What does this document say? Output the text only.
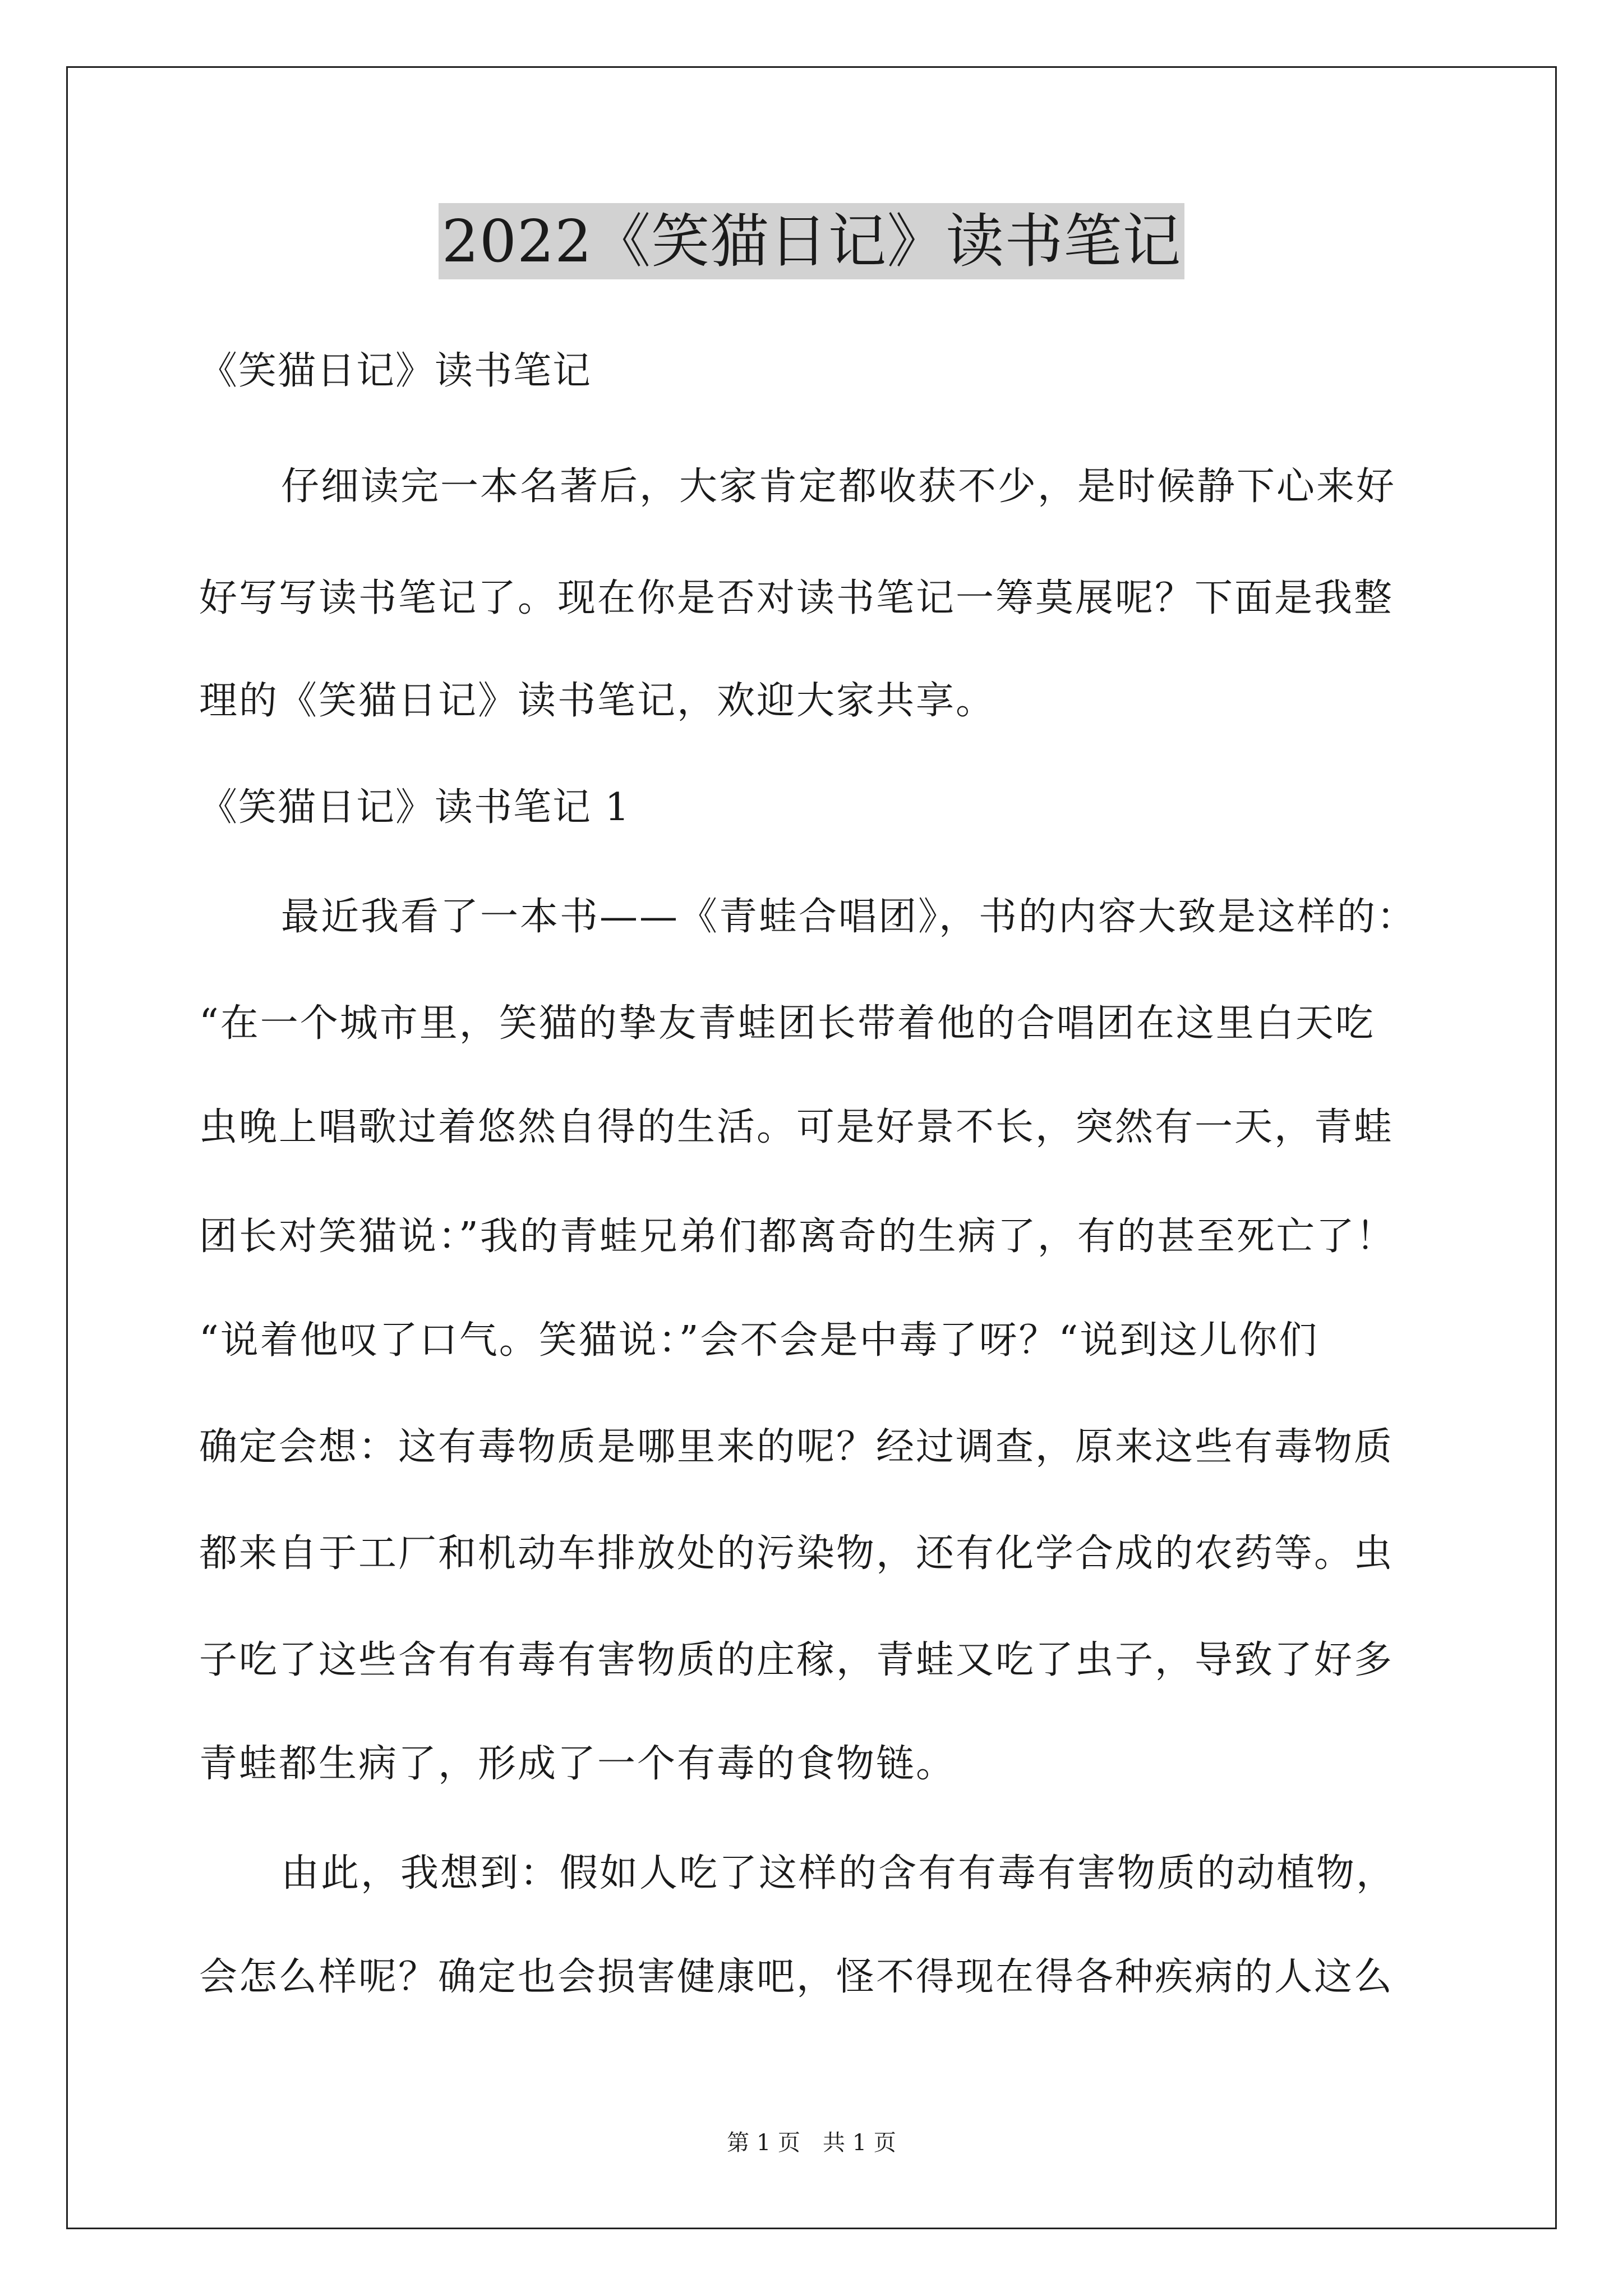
2022《笑猫日记》读书笔记
《笑猫日记》读书笔记
仔细读完一本名著后，大家肯定都收获不少，是时候静下心来好
好写写读书笔记了。现在你是否对读书笔记一筹莫展呢？下面是我整
理的《笑猫日记》读书笔记，欢迎大家共享。
《笑猫日记》读书笔记 1
最近我看了一本书——《青蛙合唱团》，书的内容大致是这样的：
“在一个城市里，笑猫的挚友青蛙团长带着他的合唱团在这里白天吃
虫晚上唱歌过着悠然自得的生活。可是好景不长，突然有一天，青蛙
团长对笑猫说：”我的青蛙兄弟们都离奇的生病了，有的甚至死亡了！
“说着他叹了口气。笑猫说：”会不会是中毒了呀？“说到这儿你们
确定会想：这有毒物质是哪里来的呢？经过调查，原来这些有毒物质
都来自于工厂和机动车排放处的污染物，还有化学合成的农药等。虫
子吃了这些含有有毒有害物质的庄稼，青蛙又吃了虫子，导致了好多
青蛙都生病了，形成了一个有毒的食物链。
由此，我想到：假如人吃了这样的含有有毒有害物质的动植物，
会怎么样呢？确定也会损害健康吧，怪不得现在得各种疾病的人这么
第 1 页　共 1 页
